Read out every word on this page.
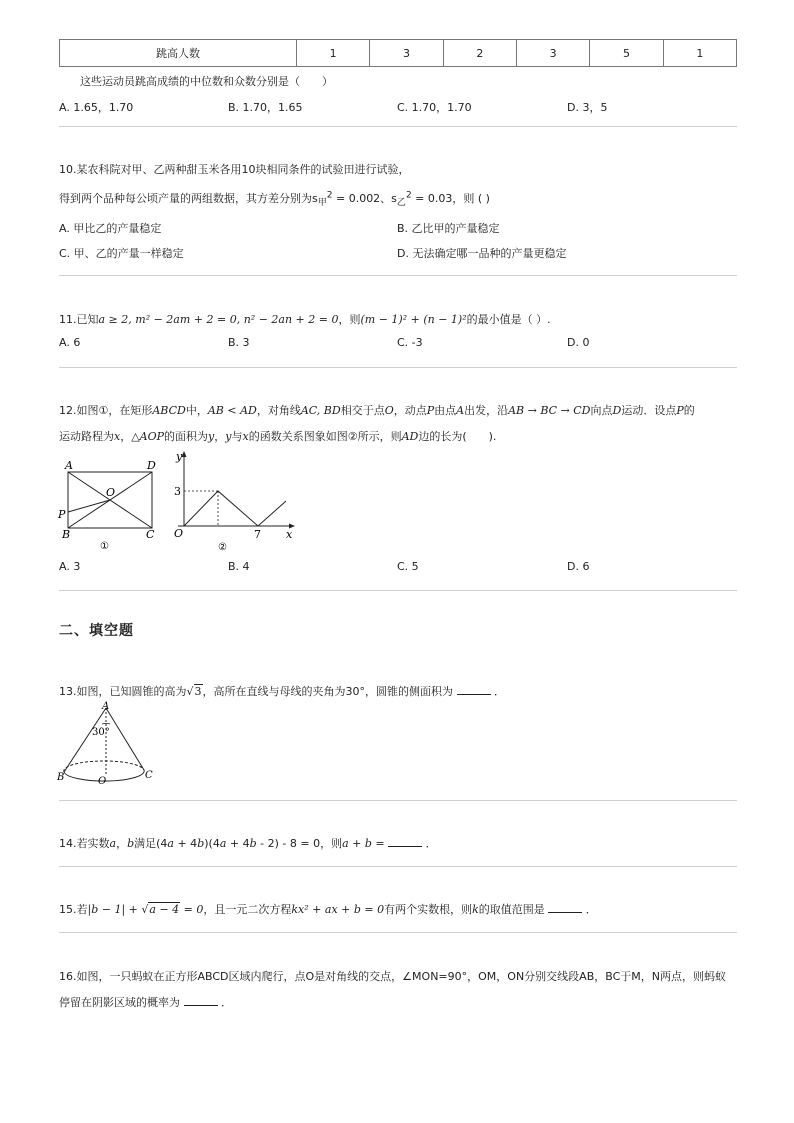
跳高人数	1	3	2	3	5	1
这些运动员跳高成绩的中位数和众数分别是（　　）
A. 1.65，1.70	B. 1.70，1.65	C. 1.70，1.70	D. 3，5
10.某农科院对甲、乙两种甜玉米各用10块相同条件的试验田进行试验，
得到两个品种每公顷产量的两组数据，其方差分别为$s_甲^2 = 0.002$、$s_乙^2 = 0.03$，则 ( )
A. 甲比乙的产量稳定	B. 乙比甲的产量稳定
C. 甲、乙的产量一样稳定	D. 无法确定哪一品种的产量更稳定
11.已知a ≥ 2, m² − 2am + 2 = 0, n² − 2an + 2 = 0，则(m − 1)² + (n − 1)²的最小值是（ ）.
A. 6	B. 3	C. -3	D. 0
12.如图①，在矩形ABCD中，AB < AD，对角线AC, BD相交于点O，动点P由点A出发，沿AB → BC → CD向点D运动．设点P的
运动路程为x，△AOP的面积为y，y与x的函数关系图象如图②所示，则AD边的长为(　　).
A	D
O
P
B	C
①
y
3
O	7 x
②
A. 3	B. 4	C. 5	D. 6
二、填空题
13.如图，已知圆锥的高为√3，高所在直线与母线的夹角为30°，圆锥的侧面积为	．
A
30°
B	C
O
14.若实数a，b满足(4a + 4b)(4a + 4b - 2) - 8 = 0，则a + b =	．
15.若|b − 1| + √a − 4 = 0，且一元二次方程kx² + ax + b = 0有两个实数根，则k的取值范围是	．
16.如图，一只蚂蚁在正方形ABCD区域内爬行，点O是对角线的交点，∠MON=90°，OM，ON分别交线段AB，BC于M，N两点，则蚂蚁
停留在阴影区域的概率为	．
